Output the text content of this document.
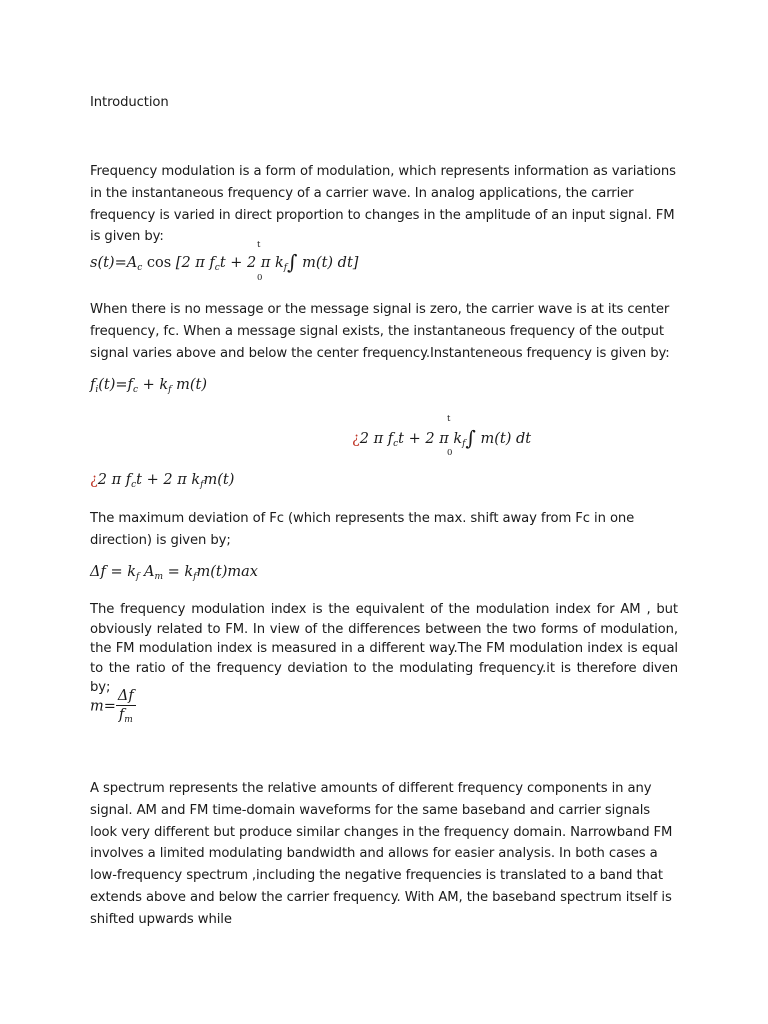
Introduction

Frequency modulation is a form of modulation, which represents information as variations in the instantaneous frequency of a carrier wave. In analog applications, the carrier frequency is varied in direct proportion to changes in the amplitude of an input signal. FM is given by:

$s(t)=A_c$ cos [2 π $f_ct + 2$ π $k_f\int$ m(t) dt]
t
0

When there is no message or the message signal is zero, the carrier wave is at its center frequency, fc. When a message signal exists, the instantaneous frequency of the output signal varies above and below the center frequency.Instanteneous frequency is given by:

$f_i(t)=f_c + k_f$ m(t)
¿2 π $f_ct + 2$ π $k_f\int$ m(t) dt
t
0
¿2 π $f_ct + 2$ π $k_fm(t)$

The maximum deviation of Fc (which represents the max. shift away from Fc in one direction) is given by;

$\Delta f = k_f$ $A_m = k_fm(t)\max$

The frequency modulation index is the equivalent of the modulation index for AM , but obviously related to FM. In view of the differences between the two forms of modulation, the FM modulation index is measured in a different way.The FM modulation index is equal to the ratio of the frequency deviation to the modulating frequency.it is therefore diven by;

$m= \frac{\Delta f}{f_m}$

A spectrum represents the relative amounts of different frequency components in any signal. AM and FM time-domain waveforms for the same baseband and carrier signals look very different but produce similar changes in the frequency domain. Narrowband FM involves a limited modulating bandwidth and allows for easier analysis. In both cases a low-frequency spectrum ,including the negative frequencies is translated to a band that extends above and below the carrier frequency. With AM, the baseband spectrum itself is shifted upwards while
